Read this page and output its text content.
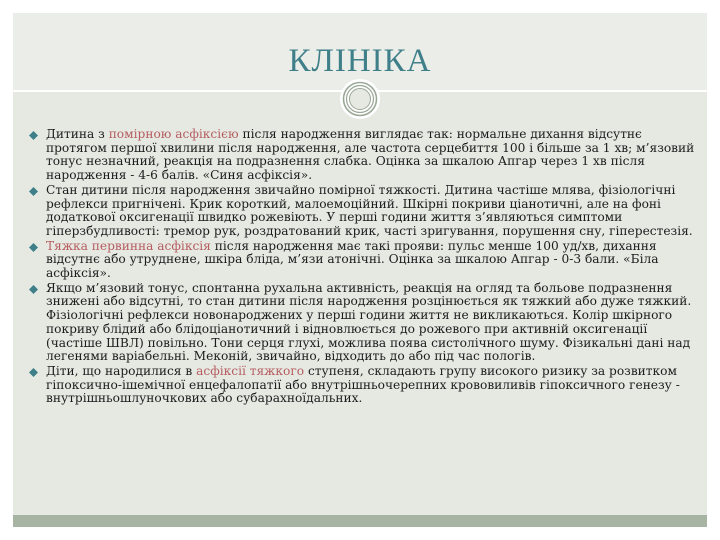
КЛІНІКА
Дитина з помірною асфіксією після народження виглядає так: нормальне дихання відсутнє протягом першої хвилини після народження, але частота серцебиття 100 і більше за 1 хв; м’язовий тонус незначний, реакція на подразнення слабка. Оцінка за шкалою Апгар через 1 хв після народження - 4-6 балів. «Синя асфіксія».
Стан дитини після народження звичайно помірної тяжкості. Дитина частіше млява, фізіологічні рефлекси пригнічені. Крик короткий, малоемоційний. Шкірні покриви ціанотичні, але на фоні додаткової оксигенації швидко рожевіють. У перші години життя з’являються симптоми гіперзбудливості: тремор рук, роздратований крик, часті зригування, порушення сну, гіперестезія.
Тяжка первинна асфіксія після народження має такі прояви: пульс менше 100 уд/хв, дихання відсутнє або утруднене, шкіра бліда, м’язи атонічні. Оцінка за шкалою Апгар - 0-3 бали. «Біла асфіксія».
Якщо м’язовий тонус, спонтанна рухальна активність, реакція на огляд та больове подразнення знижені або відсутні, то стан дитини після народження розцінюється як тяжкий або дуже тяжкий. Фізіологічні рефлекси новонароджених у перші години життя не викликаються. Колір шкірного покриву блідий або блідоціанотичний і відновлюється до рожевого при активній оксигенації (частіше ШВЛ) повільно. Тони серця глухі, можлива поява систолічного шуму. Фізикальні дані над легенями варіабельні. Меконій, звичайно, відходить до або під час пологів.
Діти, що народилися в асфіксії тяжкого ступеня, складають групу високого ризику за розвитком гіпоксично-ішемічної енцефалопатії або внутрішньочерепних крововиливів гіпоксичного генезу - внутрішньошлуночкових або субарахноїдальних.
